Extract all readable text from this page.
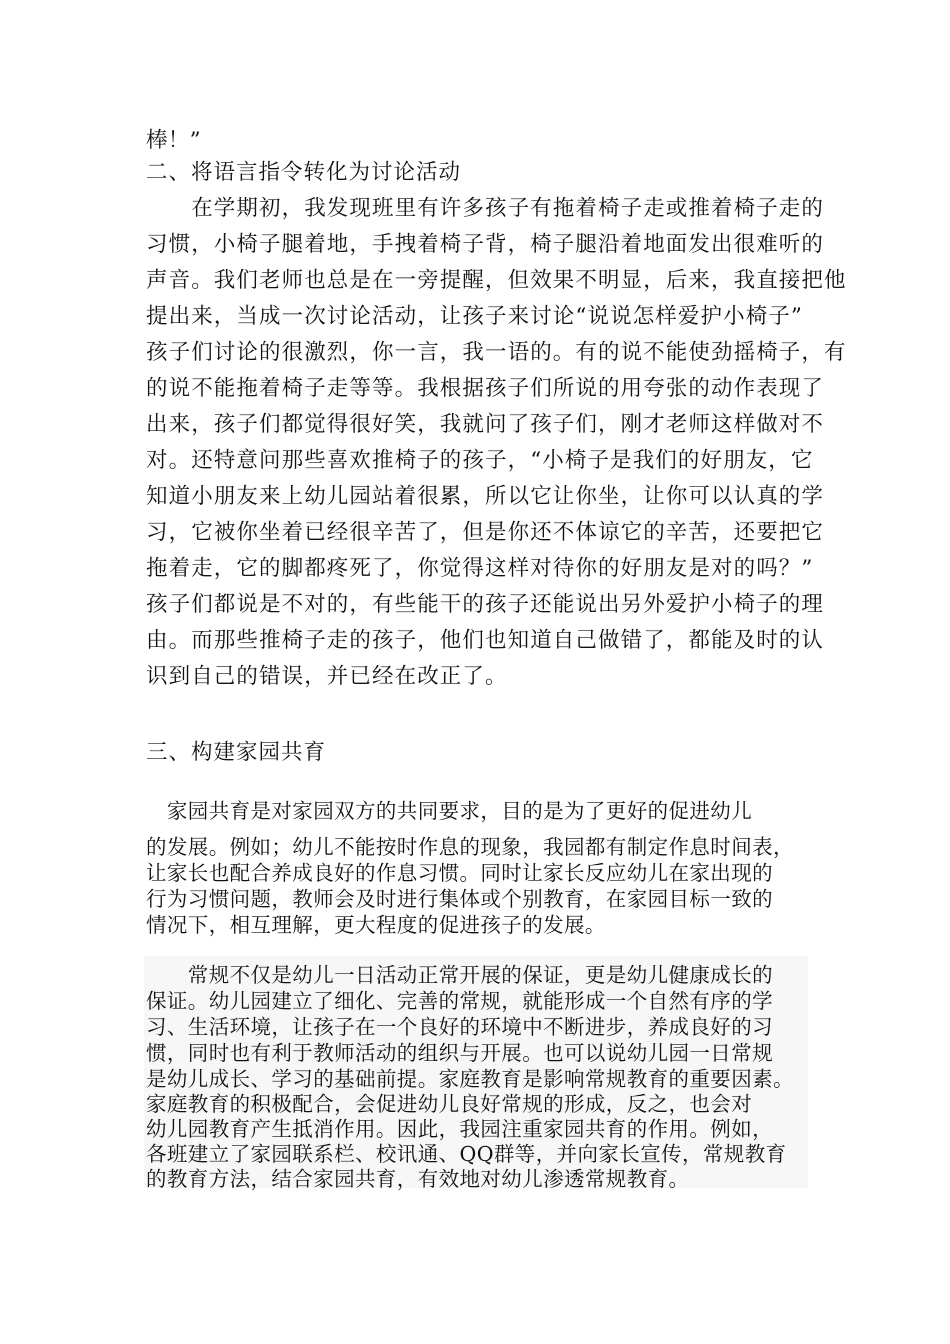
棒！”
二、将语言指令转化为讨论活动
　　在学期初，我发现班里有许多孩子有拖着椅子走或推着椅子走的
习惯，小椅子腿着地，手拽着椅子背，椅子腿沿着地面发出很难听的
声音。我们老师也总是在一旁提醒，但效果不明显，后来，我直接把他
提出来，当成一次讨论活动，让孩子来讨论“说说怎样爱护小椅子”
孩子们讨论的很激烈，你一言，我一语的。有的说不能使劲摇椅子，有
的说不能拖着椅子走等等。我根据孩子们所说的用夸张的动作表现了
出来，孩子们都觉得很好笑，我就问了孩子们，刚才老师这样做对不
对。还特意问那些喜欢推椅子的孩子，“小椅子是我们的好朋友，它
知道小朋友来上幼儿园站着很累，所以它让你坐，让你可以认真的学
习，它被你坐着已经很辛苦了，但是你还不体谅它的辛苦，还要把它
拖着走，它的脚都疼死了，你觉得这样对待你的好朋友是对的吗？”
孩子们都说是不对的，有些能干的孩子还能说出另外爱护小椅子的理
由。而那些推椅子走的孩子，他们也知道自己做错了，都能及时的认
识到自己的错误，并已经在改正了。
三、构建家园共育
　家园共育是对家园双方的共同要求，目的是为了更好的促进幼儿
的发展。例如；幼儿不能按时作息的现象，我园都有制定作息时间表，
让家长也配合养成良好的作息习惯。同时让家长反应幼儿在家出现的
行为习惯问题，教师会及时进行集体或个别教育，在家园目标一致的
情况下，相互理解，更大程度的促进孩子的发展。
　　常规不仅是幼儿一日活动正常开展的保证，更是幼儿健康成长的
保证。幼儿园建立了细化、完善的常规，就能形成一个自然有序的学
习、生活环境，让孩子在一个良好的环境中不断进步，养成良好的习
惯，同时也有利于教师活动的组织与开展。也可以说幼儿园一日常规
是幼儿成长、学习的基础前提。家庭教育是影响常规教育的重要因素。
家庭教育的积极配合，会促进幼儿良好常规的形成，反之，也会对
幼儿园教育产生抵消作用。因此，我园注重家园共育的作用。例如，
各班建立了家园联系栏、校讯通、QQ群等，并向家长宣传，常规教育
的教育方法，结合家园共育，有效地对幼儿渗透常规教育。
